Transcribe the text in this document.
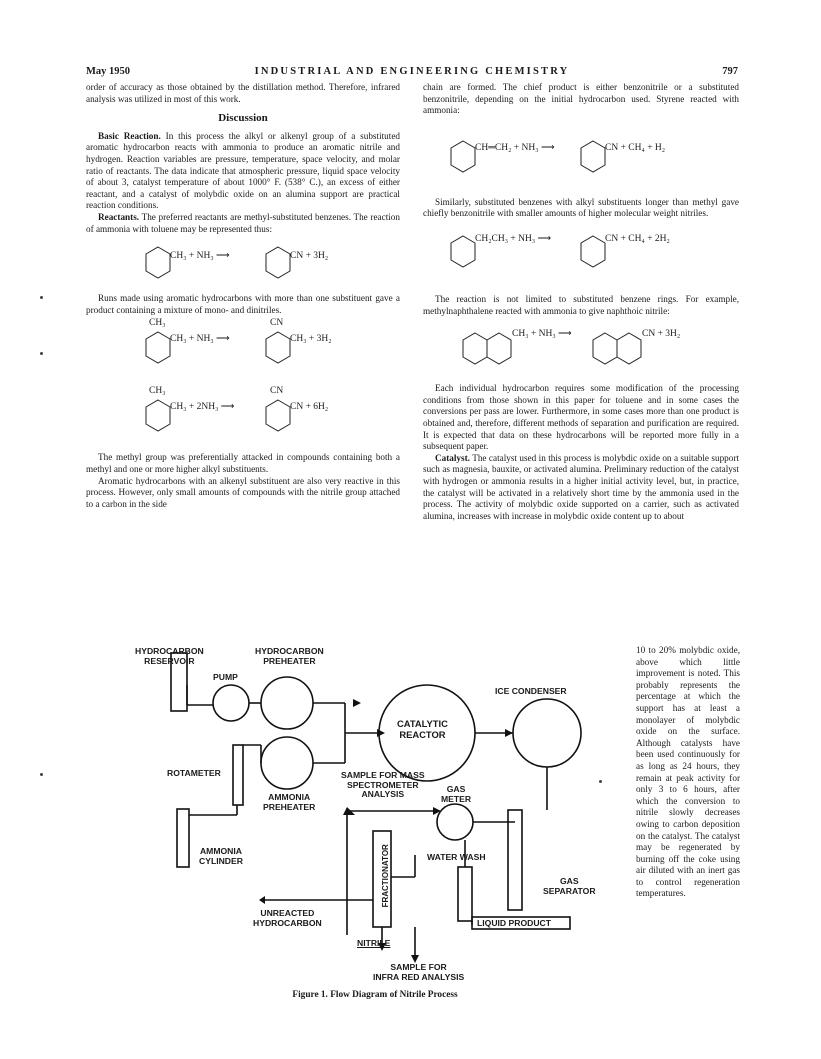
May 1950	INDUSTRIAL AND ENGINEERING CHEMISTRY	797

order of accuracy as those obtained by the distillation method. Therefore, infrared analysis was utilized in most of this work.

Discussion

Basic Reaction. In this process the alkyl or alkenyl group of a substituted aromatic hydrocarbon reacts with ammonia to produce an aromatic nitrile and hydrogen. Reaction variables are pressure, temperature, space velocity, and molar ratio of reactants. The data indicate that atmospheric pressure, liquid space velocity of about 3, catalyst temperature of about 1000° F. (538° C.), an excess of either reactant, and a catalyst of molybdic oxide on an alumina support are practical reaction conditions.

Reactants. The preferred reactants are methyl-substituted benzenes. The reaction of ammonia with toluene may be represented thus:

CH₃ + NH₃ ⟶	CN + 3H₂

Runs made using aromatic hydrocarbons with more than one substituent gave a product containing a mixture of mono- and dinitriles.

CH₃
CH₃ + NH₃ ⟶
CN
CH₃ + 3H₂
CH₃
CH₃ + 2NH₃ ⟶
CN
CN + 6H₂

The methyl group was preferentially attacked in compounds containing both a methyl and one or more higher alkyl substituents.

Aromatic hydrocarbons with an alkenyl substituent are also very reactive in this process. However, only small amounts of compounds with the nitrile group attached to a carbon in the side

chain are formed. The chief product is either benzonitrile or a substituted benzonitrile, depending on the initial hydrocarbon used. Styrene reacted with ammonia:

CH═CH₂ + NH₃ ⟶	CN + CH₄ + H₂

Similarly, substituted benzenes with alkyl substituents longer than methyl gave chiefly benzonitrile with smaller amounts of higher molecular weight nitriles.

CH₂CH₃ + NH₃ ⟶	CN + CH₄ + 2H₂

The reaction is not limited to substituted benzene rings. For example, methylnaphthalene reacted with ammonia to give naphthoic nitrile:

CH₃ + NH₃ ⟶	CN + 3H₂

Each individual hydrocarbon requires some modification of the processing conditions from those shown in this paper for toluene and in some cases the conversions per pass are lower. Furthermore, in some cases more than one product is obtained and, therefore, different methods of separation and purification are required. It is expected that data on these hydrocarbons will be reported more fully in a subsequent paper.

Catalyst. The catalyst used in this process is molybdic oxide on a suitable support such as magnesia, bauxite, or activated alumina. Preliminary reduction of the catalyst with hydrogen or ammonia results in a higher initial activity level, but, in practice, the catalyst will be activated in a relatively short time by the ammonia used in the process. The activity of molybdic oxide supported on a carrier, such as activated alumina, increases with increase in molybdic oxide content up to about

10 to 20% molybdic oxide, above which little improvement is noted. This probably represents the percentage at which the support has at least a monolayer of molybdic oxide on the surface. Although catalysts have been used continuously for as long as 24 hours, they remain at peak activity for only 3 to 6 hours, after which the conversion to nitrile slowly decreases owing to carbon deposition on the catalyst. The catalyst may be regenerated by burning off the coke using air diluted with an inert gas to control regeneration temperatures.
HYDROCARBON
RESERVOIR
HYDROCARBON
PREHEATER
PUMP
ICE CONDENSER
CATALYTIC
REACTOR
ROTAMETER	SAMPLE FOR MASS
SPECTROMETER
ANALYSIS
GAS
METER
AMMONIA
PREHEATER
AMMONIA
CYLINDER	FRACTIONATOR	WATER WASH
GAS
SEPARATOR
LIQUID PRODUCT
UNREACTED
HYDROCARBON
NITRILE
SAMPLE FOR
INFRA RED ANALYSIS
Figure 1. Flow Diagram of Nitrile Process
